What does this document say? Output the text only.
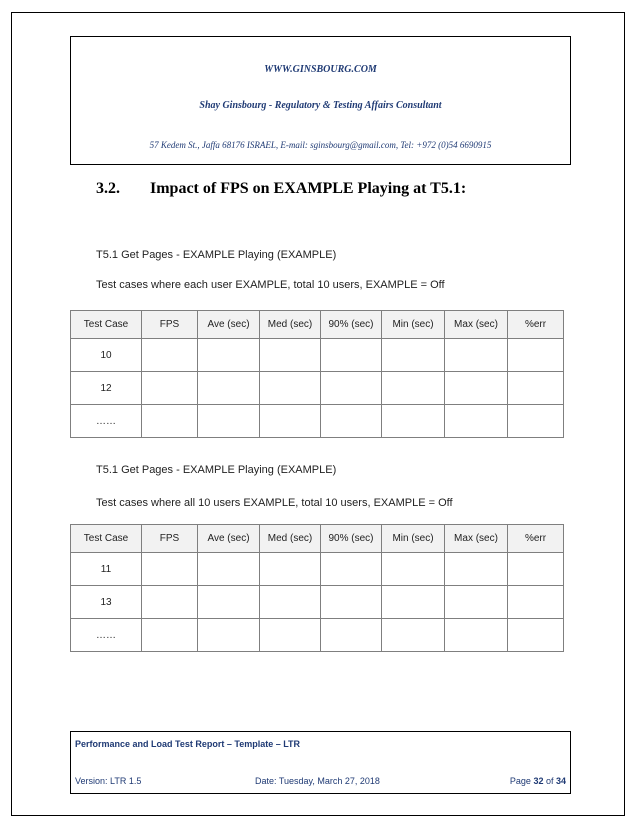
WWW.GINSBOURG.COM
Shay Ginsbourg - Regulatory & Testing Affairs Consultant
57 Kedem St., Jaffa 68176 ISRAEL, E-mail: sginsbourg@gmail.com, Tel: +972 (0)54 6690915
3.2. Impact of FPS on EXAMPLE Playing at T5.1:
T5.1 Get Pages - EXAMPLE Playing (EXAMPLE)
Test cases where each user EXAMPLE, total 10 users, EXAMPLE = Off
Test Case	FPS	Ave (sec)	Med (sec)	90% (sec)	Min (sec)	Max (sec)	%err
10							
12							
……							
T5.1 Get Pages - EXAMPLE Playing (EXAMPLE)
Test cases where all 10 users EXAMPLE, total 10 users, EXAMPLE = Off
Test Case	FPS	Ave (sec)	Med (sec)	90% (sec)	Min (sec)	Max (sec)	%err
11							
13							
……							
Performance and Load Test Report – Template – LTR
Version: LTR 1.5	Date: Tuesday, March 27, 2018	Page 32 of 34
